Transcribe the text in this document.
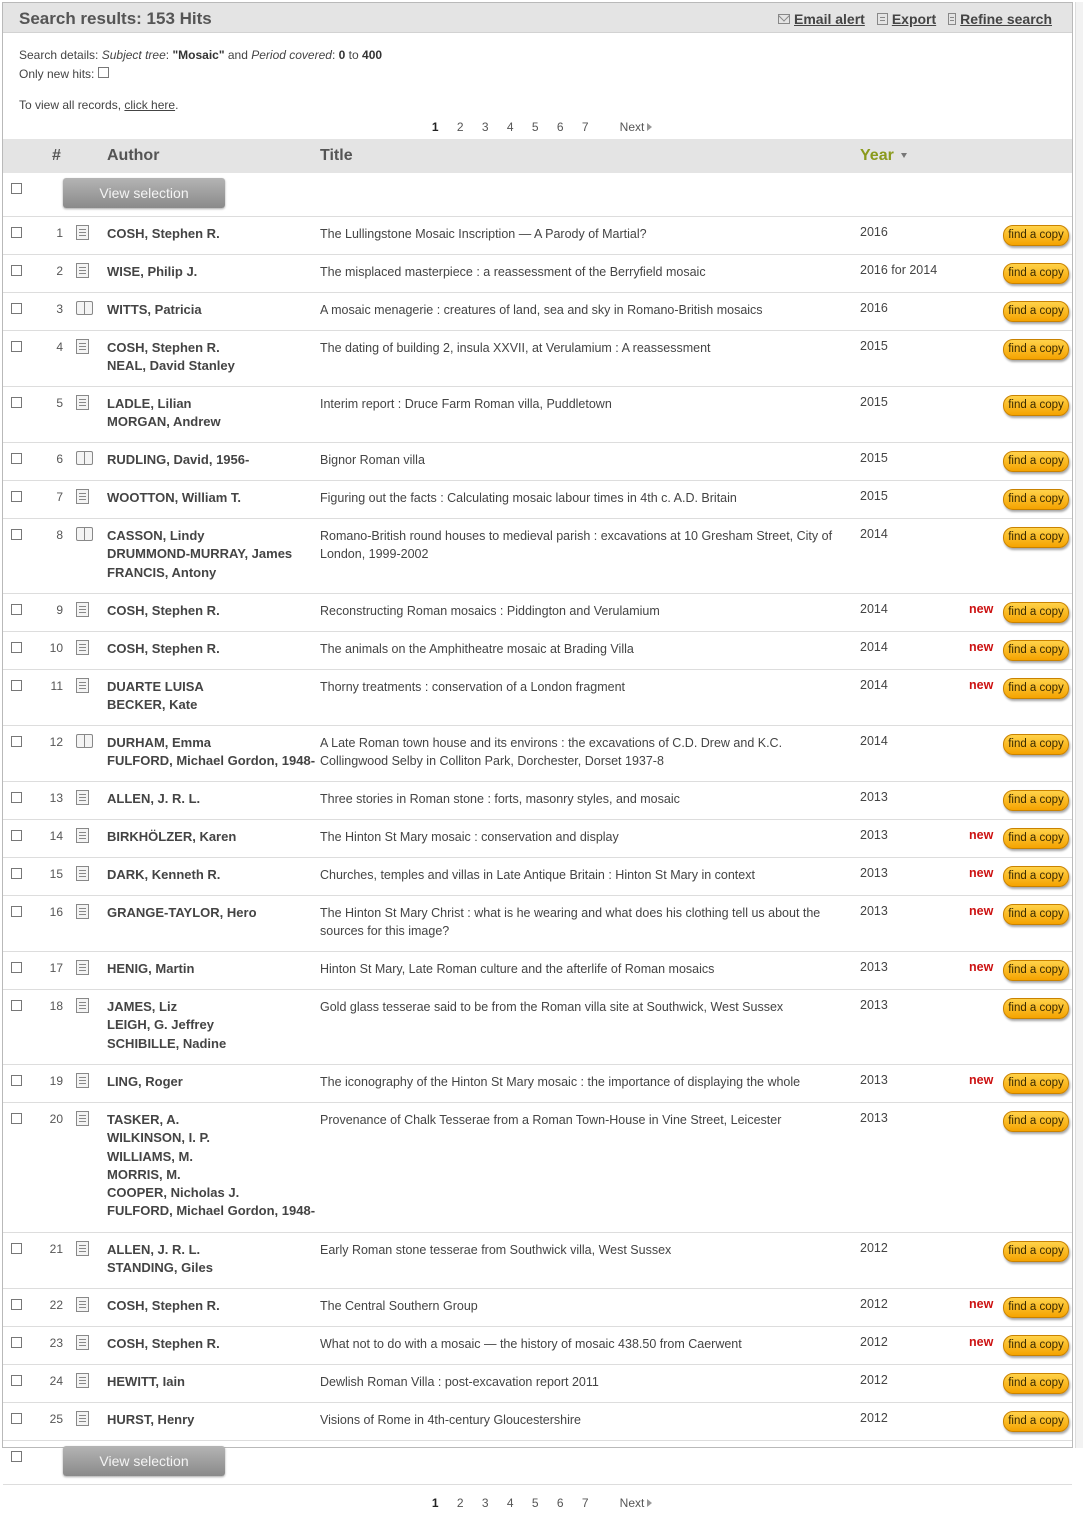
Search results: 153 Hits	Email alert Export Refine search
Search details: Subject tree: "Mosaic" and Period covered: 0 to 400
Only new hits:
To view all records, click here.
1	2	3	4	5	6	7	Next
#	Author	Title	Year
View selection
1	COSH, Stephen R.	The Lullingstone Mosaic Inscription — A Parody of Martial?	2016	find a copy
2	WISE, Philip J.	The misplaced masterpiece : a reassessment of the Berryfield mosaic	2016 for 2014	find a copy
3	WITTS, Patricia	A mosaic menagerie : creatures of land, sea and sky in Romano-British mosaics	2016	find a copy
4	COSH, Stephen R.
NEAL, David Stanley
The dating of building 2, insula XXVII, at Verulamium : A reassessment	2015	find a copy
5	LADLE, Lilian
MORGAN, Andrew
Interim report : Druce Farm Roman villa, Puddletown	2015	find a copy
6	RUDLING, David, 1956-	Bignor Roman villa	2015	find a copy
7	WOOTTON, William T.	Figuring out the facts : Calculating mosaic labour times in 4th c. A.D. Britain	2015	find a copy
8	CASSON, Lindy
DRUMMOND-MURRAY, James
FRANCIS, Antony
Romano-British round houses to medieval parish : excavations at 10 Gresham Street, City of London, 1999-2002
2014	find a copy
9	COSH, Stephen R.	Reconstructing Roman mosaics : Piddington and Verulamium	2014	new	find a copy
10	COSH, Stephen R.	The animals on the Amphitheatre mosaic at Brading Villa	2014	new	find a copy
11	DUARTE LUISA
BECKER, Kate
Thorny treatments : conservation of a London fragment	2014	new	find a copy
12	DURHAM, Emma
FULFORD, Michael Gordon, 1948-
A Late Roman town house and its environs : the excavations of C.D. Drew and K.C. Collingwood Selby in Colliton Park, Dorchester, Dorset 1937-8
2014	find a copy
13	ALLEN, J. R. L.	Three stories in Roman stone : forts, masonry styles, and mosaic	2013	find a copy
14	BIRKHÖLZER, Karen	The Hinton St Mary mosaic : conservation and display	2013	new	find a copy
15	DARK, Kenneth R.	Churches, temples and villas in Late Antique Britain : Hinton St Mary in context	2013	new	find a copy
16	GRANGE-TAYLOR, Hero	The Hinton St Mary Christ : what is he wearing and what does his clothing tell us about the sources for this image?
2013	new	find a copy
17	HENIG, Martin	Hinton St Mary, Late Roman culture and the afterlife of Roman mosaics	2013	new	find a copy
18	JAMES, Liz
LEIGH, G. Jeffrey
SCHIBILLE, Nadine
Gold glass tesserae said to be from the Roman villa site at Southwick, West Sussex	2013	find a copy
19	LING, Roger	The iconography of the Hinton St Mary mosaic : the importance of displaying the whole	2013	new	find a copy
20	TASKER, A.
WILKINSON, I. P.
WILLIAMS, M.
MORRIS, M.
COOPER, Nicholas J.
FULFORD, Michael Gordon, 1948-
Provenance of Chalk Tesserae from a Roman Town-House in Vine Street, Leicester	2013	find a copy
21	ALLEN, J. R. L.
STANDING, Giles
Early Roman stone tesserae from Southwick villa, West Sussex	2012	find a copy
22	COSH, Stephen R.	The Central Southern Group	2012	new	find a copy
23	COSH, Stephen R.	What not to do with a mosaic — the history of mosaic 438.50 from Caerwent	2012	new	find a copy
24	HEWITT, Iain	Dewlish Roman Villa : post-excavation report 2011	2012	find a copy
25	HURST, Henry	Visions of Rome in 4th-century Gloucestershire	2012	find a copy
View selection
1	2	3	4	5	6	7	Next
